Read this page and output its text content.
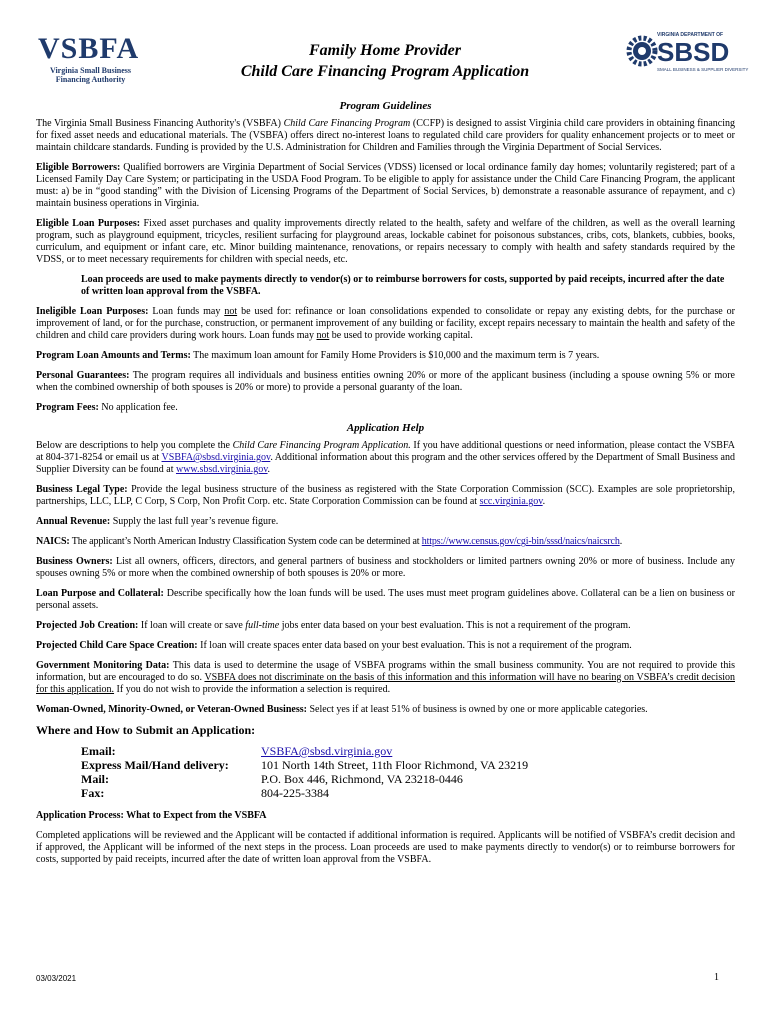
VSBFA
Virginia Small Business
Financing Authority
Family Home Provider
Child Care Financing Program Application
VIRGINIA DEPARTMENT OF
SBSD
SMALL BUSINESS & SUPPLIER DIVERSITY
Program Guidelines

The Virginia Small Business Financing Authority's (VSBFA) Child Care Financing Program (CCFP) is designed to assist Virginia child care providers in obtaining financing for fixed asset needs and educational materials. The (VSBFA) offers direct no-interest loans to regulated child care providers for quality enhancement projects or to meet or maintain childcare standards. Funding is provided by the U.S. Administration for Children and Families through the Virginia Department of Social Services.

Eligible Borrowers: Qualified borrowers are Virginia Department of Social Services (VDSS) licensed or local ordinance family day homes; voluntarily registered; part of a Licensed Family Day Care System; or participating in the USDA Food Program. To be eligible to apply for assistance under the Child Care Financing Program, the applicant must: a) be in “good standing” with the Division of Licensing Programs of the Department of Social Services, b) demonstrate a reasonable assurance of repayment, and c) maintain business operations in Virginia.

Eligible Loan Purposes: Fixed asset purchases and quality improvements directly related to the health, safety and welfare of the children, as well as the overall learning program, such as playground equipment, tricycles, resilient surfacing for playground areas, lockable cabinet for poisonous substances, cribs, cots, blankets, cubbies, books, curriculum, and equipment or infant care, etc. Minor building maintenance, renovations, or repairs necessary to comply with health and safety standards required by the VDSS, or to meet necessary requirements for children with special needs, etc.

Loan proceeds are used to make payments directly to vendor(s) or to reimburse borrowers for costs, supported by paid receipts, incurred after the date of written loan approval from the VSBFA.

Ineligible Loan Purposes: Loan funds may not be used for: refinance or loan consolidations expended to consolidate or repay any existing debts, for the purchase or improvement of land, or for the purchase, construction, or permanent improvement of any building or facility, except repairs necessary to maintain the health and safety of the children and child care providers during work hours. Loan funds may not be used to provide working capital.

Program Loan Amounts and Terms: The maximum loan amount for Family Home Providers is $10,000 and the maximum term is 7 years.

Personal Guarantees: The program requires all individuals and business entities owning 20% or more of the applicant business (including a spouse owning 5% or more when the combined ownership of both spouses is 20% or more) to provide a personal guaranty of the loan.

Program Fees: No application fee.

Application Help

Below are descriptions to help you complete the Child Care Financing Program Application. If you have additional questions or need information, please contact the VSBFA at 804-371-8254 or email us at VSBFA@sbsd.virginia.gov. Additional information about this program and the other services offered by the Department of Small Business and Supplier Diversity can be found at www.sbsd.virginia.gov.

Business Legal Type: Provide the legal business structure of the business as registered with the State Corporation Commission (SCC). Examples are sole proprietorship, partnerships, LLC, LLP, C Corp, S Corp, Non Profit Corp. etc. State Corporation Commission can be found at scc.virginia.gov.

Annual Revenue: Supply the last full year’s revenue figure.

NAICS: The applicant’s North American Industry Classification System code can be determined at https://www.census.gov/cgi-bin/sssd/naics/naicsrch.

Business Owners: List all owners, officers, directors, and general partners of business and stockholders or limited partners owning 20% or more of business. Include any spouses owning 5% or more when the combined ownership of both spouses is 20% or more.

Loan Purpose and Collateral: Describe specifically how the loan funds will be used. The uses must meet program guidelines above. Collateral can be a lien on business or personal assets.

Projected Job Creation: If loan will create or save full-time jobs enter data based on your best evaluation. This is not a requirement of the program.

Projected Child Care Space Creation: If loan will create spaces enter data based on your best evaluation. This is not a requirement of the program.

Government Monitoring Data: This data is used to determine the usage of VSBFA programs within the small business community. You are not required to provide this information, but are encouraged to do so. VSBFA does not discriminate on the basis of this information and this information will have no bearing on VSBFA’s credit decision for this application. If you do not wish to provide the information a selection is required.

Woman-Owned, Minority-Owned, or Veteran-Owned Business: Select yes if at least 51% of business is owned by one or more applicable categories.

Where and How to Submit an Application:
Email:	VSBFA@sbsd.virginia.gov
Express Mail/Hand delivery:	101 North 14th Street, 11th Floor Richmond, VA 23219
Mail:	P.O. Box 446, Richmond, VA 23218-0446
Fax:	804-225-3384

Application Process: What to Expect from the VSBFA

Completed applications will be reviewed and the Applicant will be contacted if additional information is required. Applicants will be notified of VSBFA’s credit decision and if approved, the Applicant will be informed of the next steps in the process. Loan proceeds are used to make payments directly to vendor(s) or to reimburse borrowers for costs, supported by paid receipts, incurred after the date of written loan approval from the VSBFA.

03/03/2021	1
